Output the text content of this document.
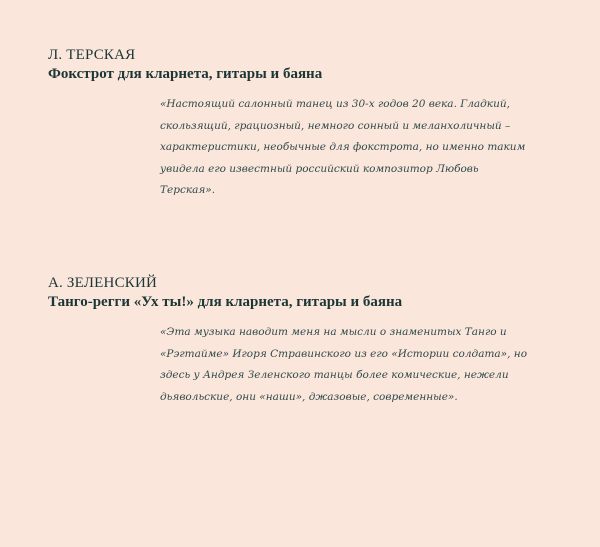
Л. ТЕРСКАЯ

Фокстрот для кларнета, гитары и баяна

«Настоящий салонный танец из 30-х годов 20 века. Гладкий, скользящий, грациозный, немного сонный и меланхоличный – характеристики, необычные для фокстрота, но именно таким увидела его известный российский композитор Любовь Терская».

А. ЗЕЛЕНСКИЙ

Танго-регги «Ух ты!» для кларнета, гитары и баяна

«Эта музыка наводит меня на мысли о знаменитых Танго и «Рэгтайме» Игоря Стравинского из его «Истории солдата», но здесь у Андрея Зеленского танцы более комические, нежели дьявольские, они «наши», джазовые, современные».
